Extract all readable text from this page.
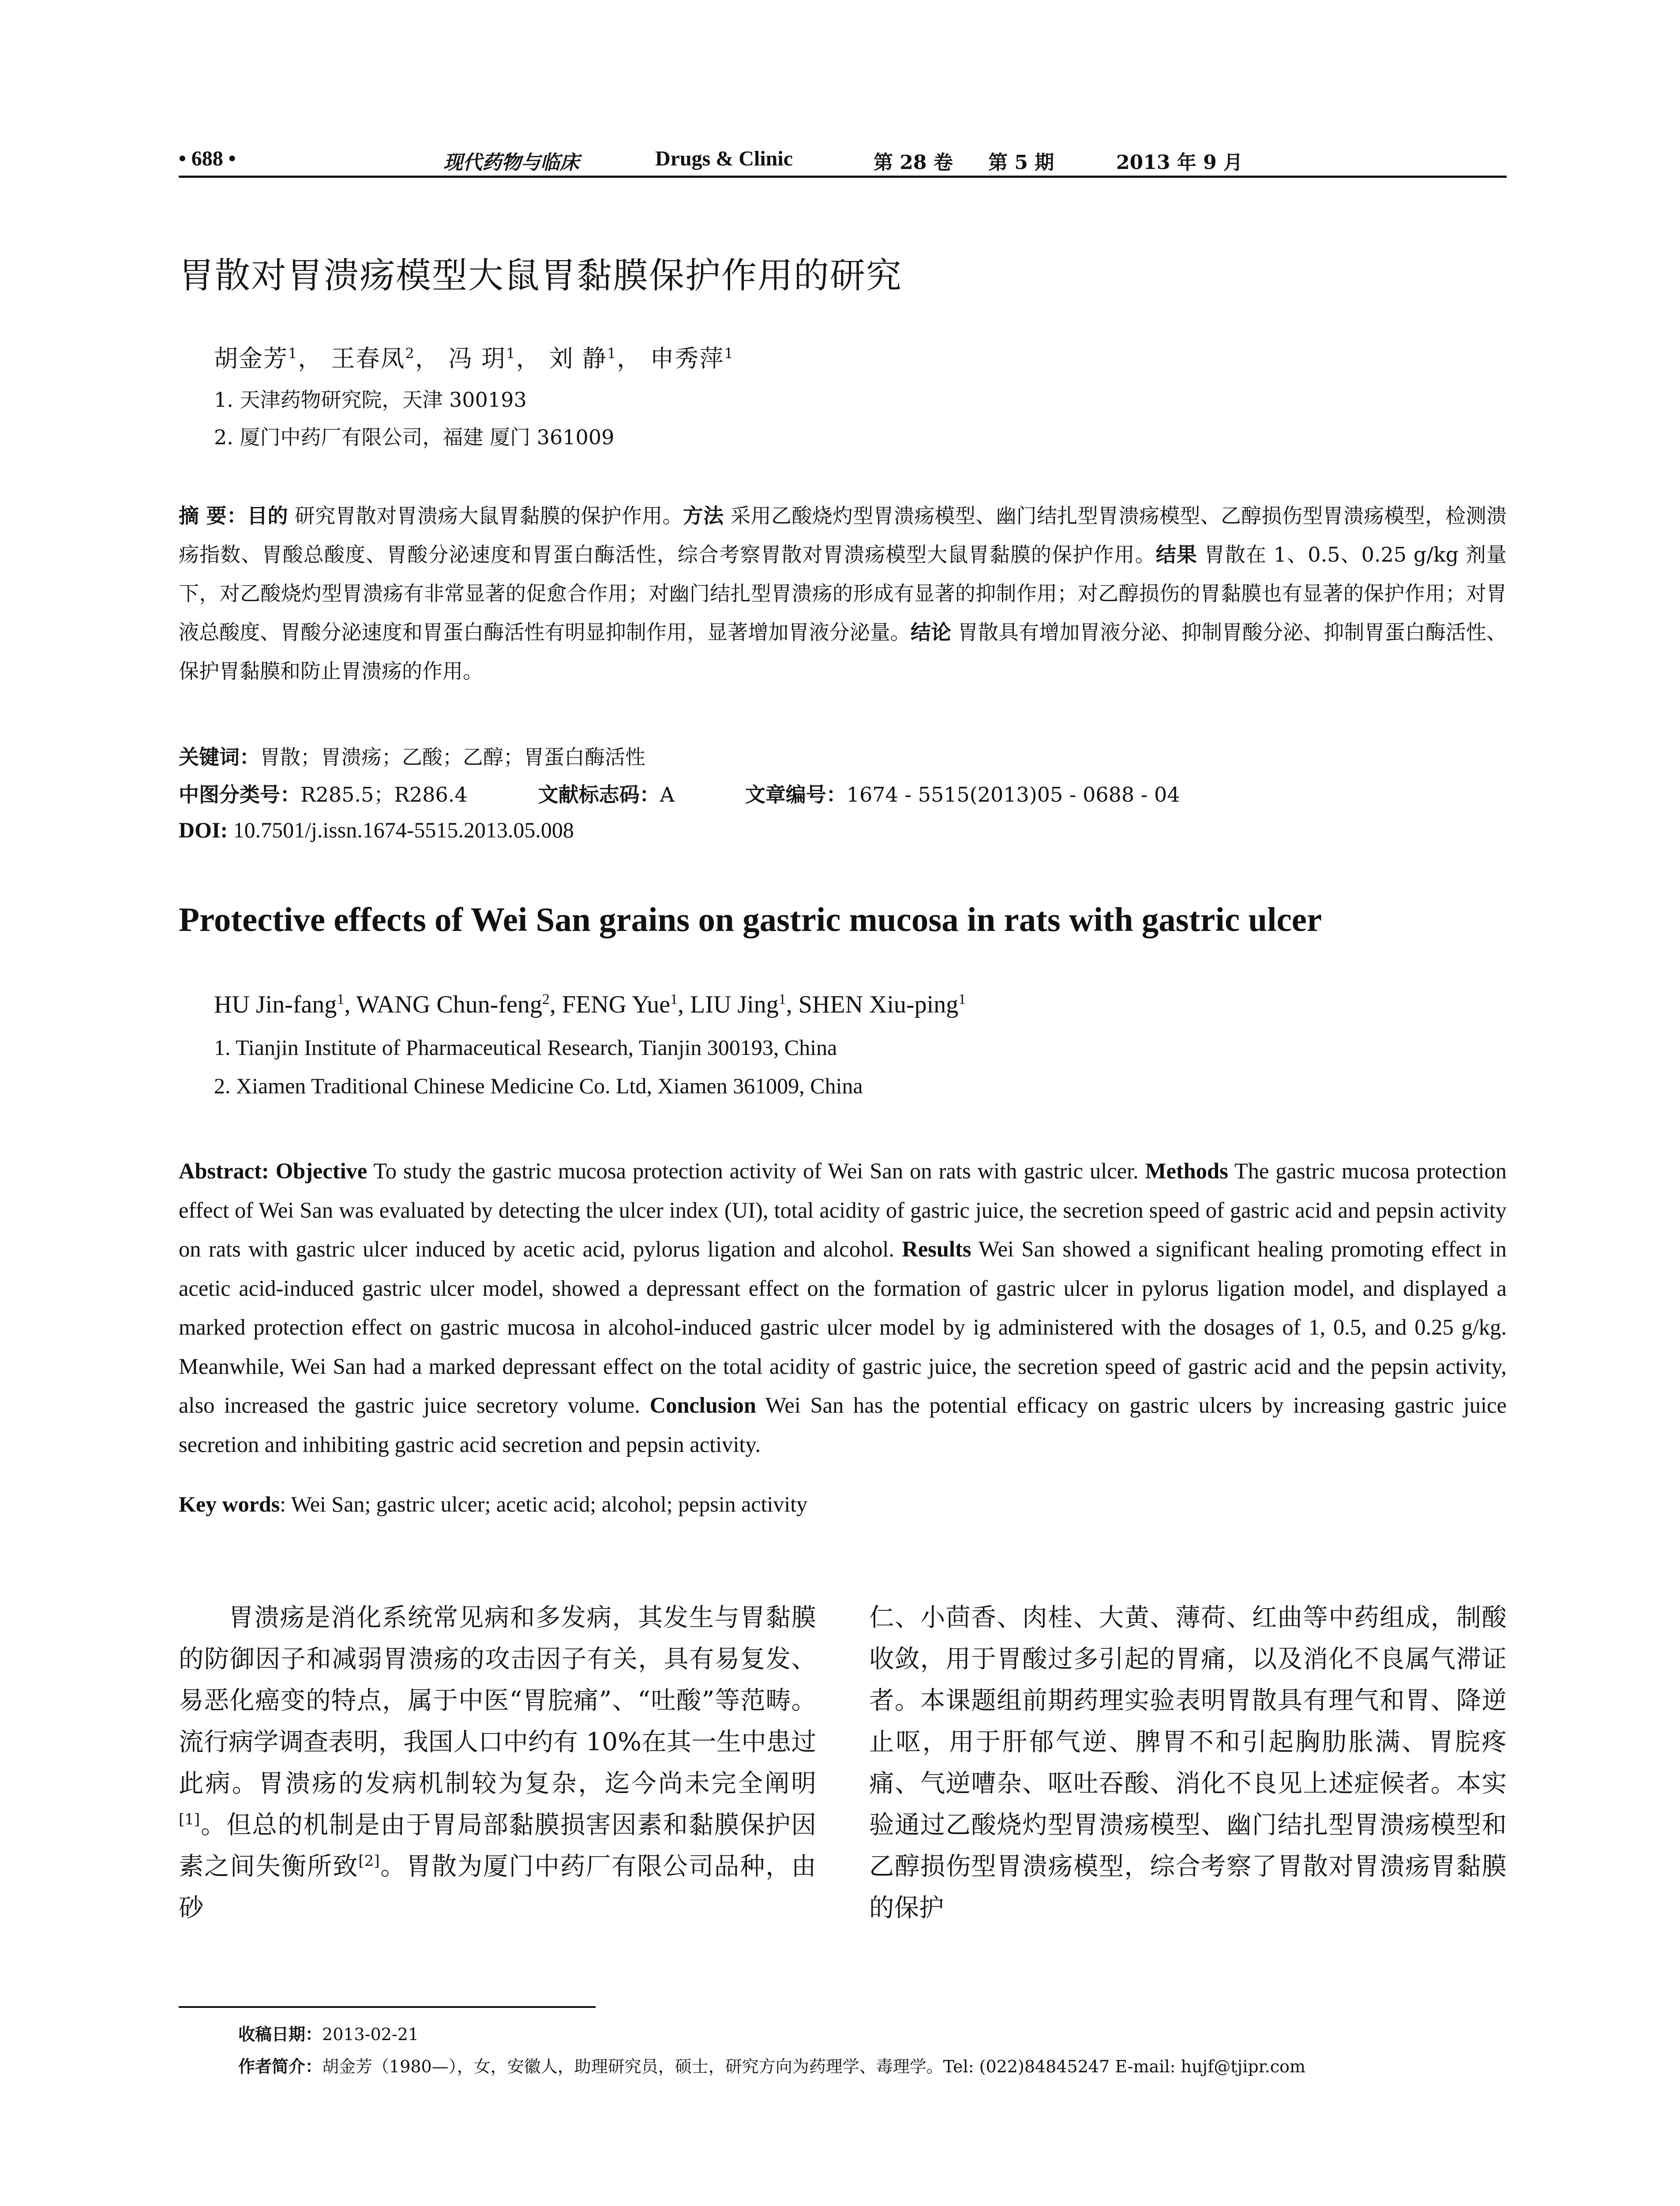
• 688 •	现代药物与临床	Drugs & Clinic	第 28 卷 第 5 期	2013 年 9 月
胃散对胃溃疡模型大鼠胃黏膜保护作用的研究
胡金芳$^1$， 王春凤$^2$， 冯 玥$^1$， 刘 静$^1$， 申秀萍$^1$
1. 天津药物研究院，天津 300193
2. 厦门中药厂有限公司，福建 厦门 361009
摘 要：目的 研究胃散对胃溃疡大鼠胃黏膜的保护作用。方法 采用乙酸烧灼型胃溃疡模型、幽门结扎型胃溃疡模型、乙醇损伤型胃溃疡模型，检测溃疡指数、胃酸总酸度、胃酸分泌速度和胃蛋白酶活性，综合考察胃散对胃溃疡模型大鼠胃黏膜的保护作用。结果 胃散在 1、0.5、0.25 g/kg 剂量下，对乙酸烧灼型胃溃疡有非常显著的促愈合作用；对幽门结扎型胃溃疡的形成有显著的抑制作用；对乙醇损伤的胃黏膜也有显著的保护作用；对胃液总酸度、胃酸分泌速度和胃蛋白酶活性有明显抑制作用，显著增加胃液分泌量。结论 胃散具有增加胃液分泌、抑制胃酸分泌、抑制胃蛋白酶活性、保护胃黏膜和防止胃溃疡的作用。
关键词：胃散；胃溃疡；乙酸；乙醇；胃蛋白酶活性
中图分类号：R285.5；R286.4	文献标志码：A	文章编号：1674 - 5515(2013)05 - 0688 - 04
DOI: 10.7501/j.issn.1674-5515.2013.05.008
Protective effects of Wei San grains on gastric mucosa in rats with gastric ulcer
HU Jin-fang$^1$, WANG Chun-feng$^2$, FENG Yue$^1$, LIU Jing$^1$, SHEN Xiu-ping$^1$
1. Tianjin Institute of Pharmaceutical Research, Tianjin 300193, China
2. Xiamen Traditional Chinese Medicine Co. Ltd, Xiamen 361009, China
Abstract: Objective To study the gastric mucosa protection activity of Wei San on rats with gastric ulcer. Methods The gastric mucosa protection effect of Wei San was evaluated by detecting the ulcer index (UI), total acidity of gastric juice, the secretion speed of gastric acid and pepsin activity on rats with gastric ulcer induced by acetic acid, pylorus ligation and alcohol. Results Wei San showed a significant healing promoting effect in acetic acid-induced gastric ulcer model, showed a depressant effect on the formation of gastric ulcer in pylorus ligation model, and displayed a marked protection effect on gastric mucosa in alcohol-induced gastric ulcer model by ig administered with the dosages of 1, 0.5, and 0.25 g/kg. Meanwhile, Wei San had a marked depressant effect on the total acidity of gastric juice, the secretion speed of gastric acid and the pepsin activity, also increased the gastric juice secretory volume. Conclusion Wei San has the potential efficacy on gastric ulcers by increasing gastric juice secretion and inhibiting gastric acid secretion and pepsin activity.
Key words: Wei San; gastric ulcer; acetic acid; alcohol; pepsin activity
胃溃疡是消化系统常见病和多发病，其发生与胃黏膜的防御因子和减弱胃溃疡的攻击因子有关，具有易复发、易恶化癌变的特点，属于中医“胃脘痛”、“吐酸”等范畴。流行病学调查表明，我国人口中约有 10%在其一生中患过此病。胃溃疡的发病机制较为复杂，迄今尚未完全阐明[1]。但总的机制是由于胃局部黏膜损害因素和黏膜保护因素之间失衡所致[2]。胃散为厦门中药厂有限公司品种，由砂
仁、小茴香、肉桂、大黄、薄荷、红曲等中药组成，制酸收敛，用于胃酸过多引起的胃痛，以及消化不良属气滞证者。本课题组前期药理实验表明胃散具有理气和胃、降逆止呕，用于肝郁气逆、脾胃不和引起胸肋胀满、胃脘疼痛、气逆嘈杂、呕吐吞酸、消化不良见上述症候者。本实验通过乙酸烧灼型胃溃疡模型、幽门结扎型胃溃疡模型和乙醇损伤型胃溃疡模型，综合考察了胃散对胃溃疡胃黏膜的保护
收稿日期：2013-02-21
作者简介：胡金芳（1980—），女，安徽人，助理研究员，硕士，研究方向为药理学、毒理学。Tel: (022)84845247 E-mail: hujf@tjipr.com
